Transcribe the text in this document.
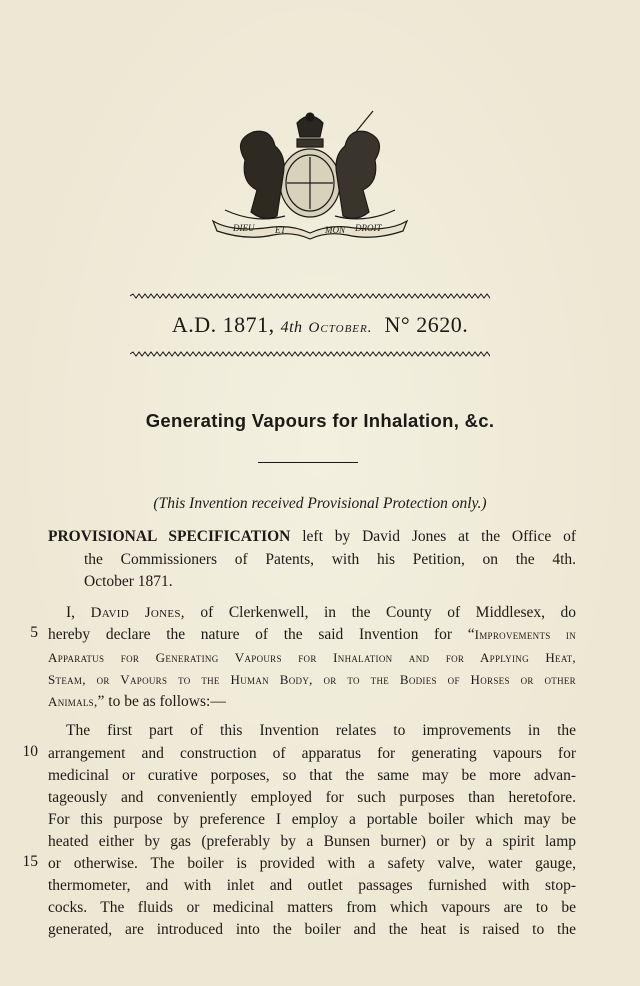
DIEU ET	MON DROIT
A.D. 1871, 4th October. N° 2620.
Generating Vapours for Inhalation, &c.
(This Invention received Provisional Protection only.)
PROVISIONAL SPECIFICATION left by David Jones at the Office of
the Commissioners of Patents, with his Petition, on the 4th.
October 1871.
I, David Jones, of Clerkenwell, in the County of Middlesex, do
hereby declare the nature of the said Invention for “Improvements in
Apparatus for Generating Vapours for Inhalation and for Applying Heat,
Steam, or Vapours to the Human Body, or to the Bodies of Horses or other
Animals,” to be as follows:—
The first part of this Invention relates to improvements in the
arrangement and construction of apparatus for generating vapours for
medicinal or curative porposes, so that the same may be more advan-
tageously and conveniently employed for such purposes than heretofore.
For this purpose by preference I employ a portable boiler which may be
heated either by gas (preferably by a Bunsen burner) or by a spirit lamp
or otherwise. The boiler is provided with a safety valve, water gauge,
thermometer, and with inlet and outlet passages furnished with stop-
cocks. The fluids or medicinal matters from which vapours are to be
generated, are introduced into the boiler and the heat is raised to the
5
10
15
